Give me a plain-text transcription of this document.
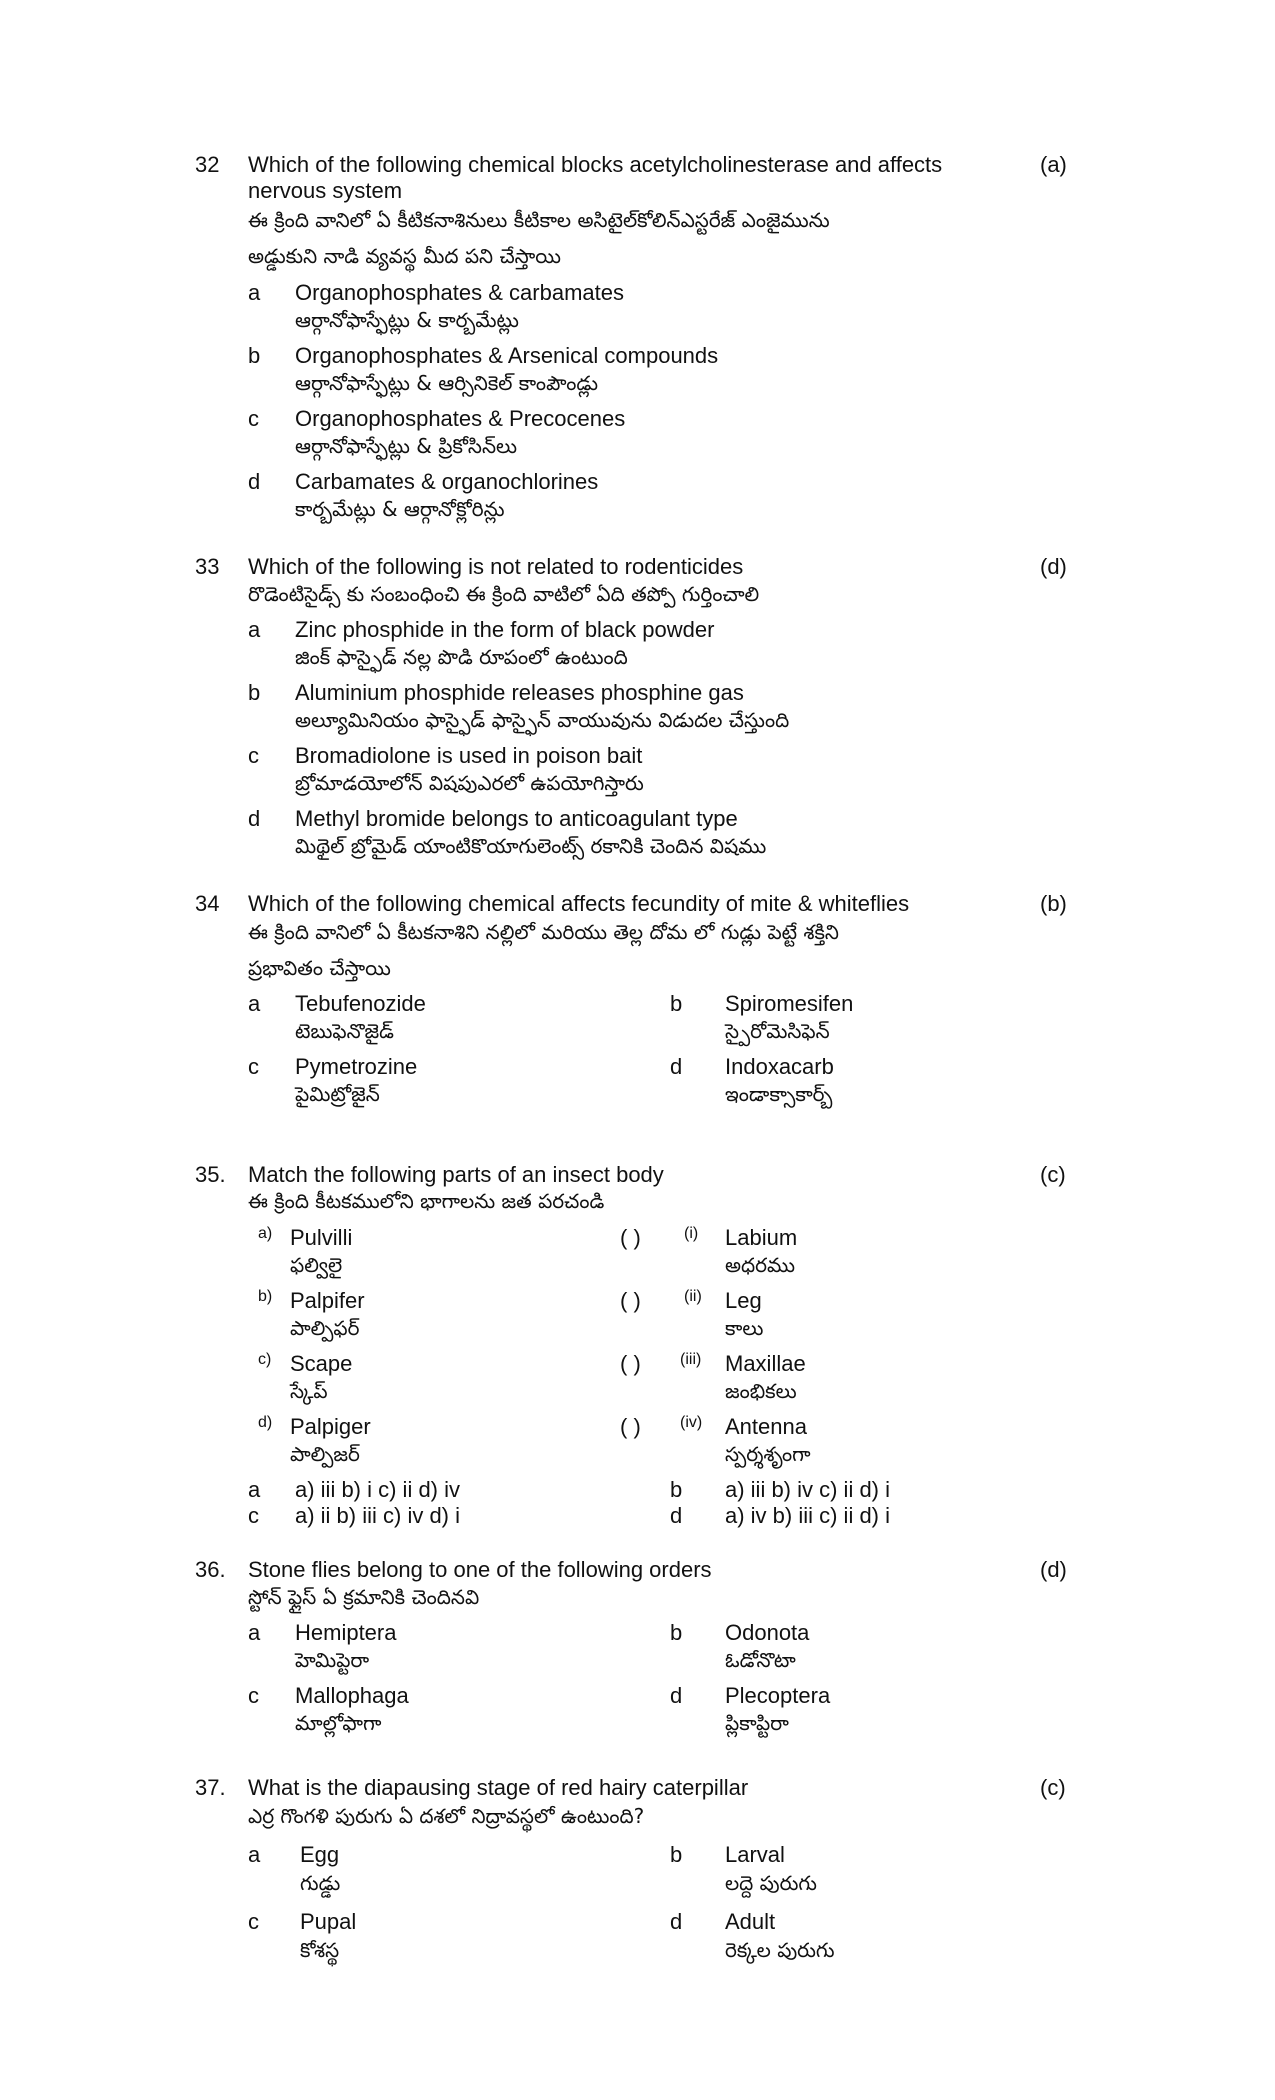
32	(a)
Which of the following chemical blocks acetylcholinesterase and affects
nervous system
ఈ క్రింది వానిలో ఏ కీటికనాశినులు కీటికాల అసిటైల్‌కోలిన్‌ఎస్టరేజ్ ఎంజైమును
అడ్డుకుని నాడి వ్యవస్థ మీద పని చేస్తాయి
a Organophosphates & carbamates
ఆర్గానోఫాస్ఫేట్లు & కార్బమేట్లు
b Organophosphates & Arsenical compounds
ఆర్గానోఫాస్ఫేట్లు & ఆర్సినికెల్ కాంపౌండ్లు
c Organophosphates & Precocenes
ఆర్గానోఫాస్ఫేట్లు & ప్రికోసిన్‌లు
d Carbamates & organochlorines
కార్బమేట్లు & ఆర్గానోక్లోరిన్లు
33	(d)
Which of the following is not related to rodenticides
రొడెంటిసైడ్స్ కు సంబంధించి ఈ క్రింది వాటిలో ఏది తప్పో గుర్తించాలి
a Zinc phosphide in the form of black powder
జింక్ ఫాస్ఫైడ్ నల్ల పొడి రూపంలో ఉంటుంది
b Aluminium phosphide releases phosphine gas
అల్యూమినియం ఫాస్ఫైడ్ ఫాస్ఫైన్ వాయువును విడుదల చేస్తుంది
c Bromadiolone is used in poison bait
బ్రోమాడయోలోన్ విషపుఎరలో ఉపయోగిస్తారు
d Methyl bromide belongs to anticoagulant type
మిథైల్ బ్రోమైడ్ యాంటికొయాగులెంట్స్ రకానికి చెందిన విషము
34	(b)
Which of the following chemical affects fecundity of mite & whiteflies
ఈ క్రింది వానిలో ఏ కీటకనాశిని నల్లిలో మరియు తెల్ల దోమ లో గుడ్లు పెట్టే శక్తిని
ప్రభావితం చేస్తాయి
a Tebufenozide
టెబుఫెనొజైడ్
b Spiromesifen
స్పైరోమెసిఫెన్
c Pymetrozine
పైమిట్రోజైన్
d Indoxacarb
ఇండాక్సాకార్బ్
35.	(c)
Match the following parts of an insect body
ఈ క్రింది కీటకములోని భాగాలను జత పరచండి
a) Pulvilli
ఫల్విలై
( )	(i) Labium
అధరము
b) Palpifer
పాల్పిఫర్
( )	(ii) Leg
కాలు
c) Scape
స్కేప్
( ) (iii) Maxillae
జంభికలు
d) Palpiger
పాల్పిజర్
( ) (iv) Antenna
స్పర్శశృంగా
a a) iii b) i c) ii d) iv	b a) iii b) iv c) ii d) i
c a) ii b) iii c) iv d) i	d a) iv b) iii c) ii d) i
36.	(d)
Stone flies belong to one of the following orders
స్టోన్ ఫ్లైస్ ఏ క్రమానికి చెందినవి
a Hemiptera
హెమిప్టెరా
b Odonota
ఓడోనొటా
c Mallophaga
మాల్లోఫాగా
d Plecoptera
ప్లికాప్టిరా
37.	(c)
What is the diapausing stage of red hairy caterpillar
ఎర్ర గొంగళి పురుగు ఏ దశలో నిద్రావస్థలో ఉంటుంది?
a Egg
గుడ్డు
b Larval
లద్దె పురుగు
c Pupal
కోశస్థ
d Adult
రెక్కల పురుగు
